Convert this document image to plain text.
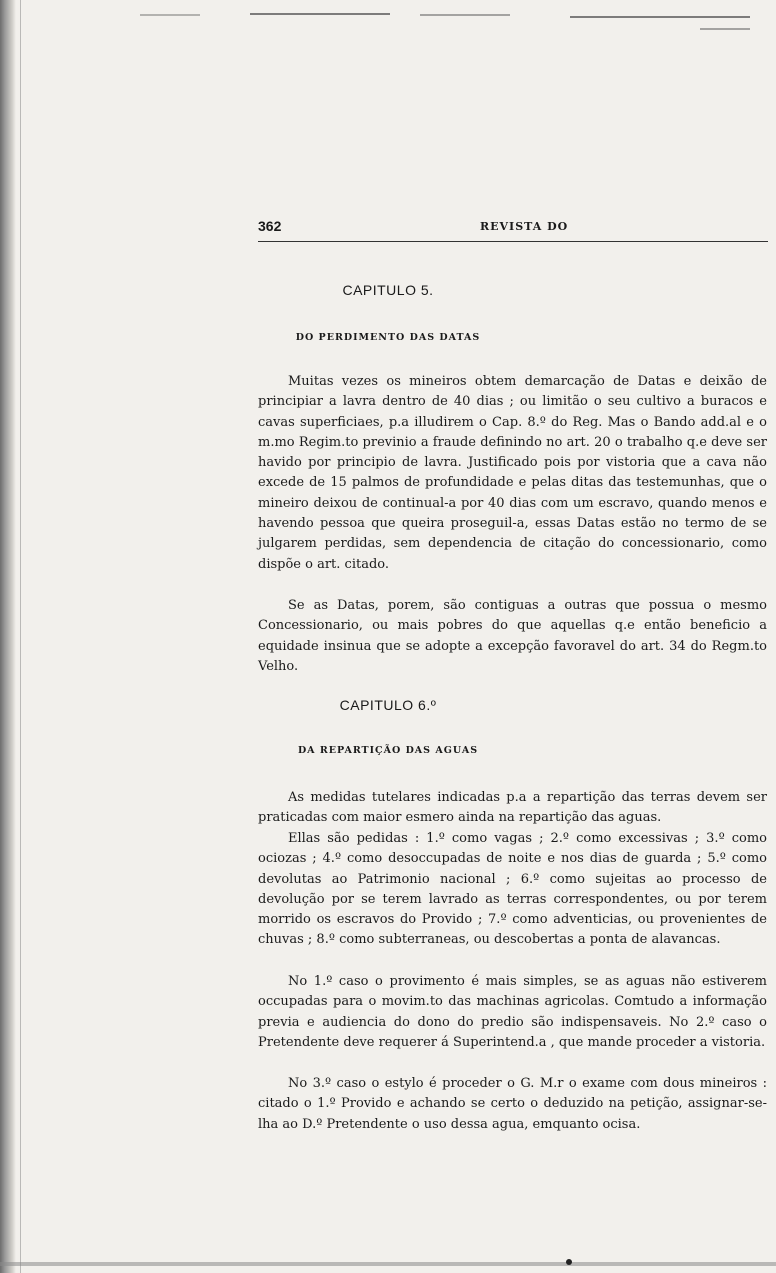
362	REVISTA DO
CAPITULO 5.
DO PERDIMENTO DAS DATAS

Muitas vezes os mineiros obtem demarcação de Datas e deixão de principiar a lavra dentro de 40 dias ; ou limitão o seu cultivo a buracos e cavas superficiaes, p.a illudirem o Cap. 8.º do Reg. Mas o Bando add.al e o m.mo Regim.to previnio a fraude definindo no art. 20 o trabalho q.e deve ser havido por principio de lavra. Justificado pois por vistoria que a cava não excede de 15 palmos de profundidade e pelas ditas das testemunhas, que o mineiro deixou de continual-a por 40 dias com um escravo, quando menos e havendo pessoa que queira proseguil-a, essas Datas estão no termo de se julgarem perdidas, sem dependencia de citação do concessionario, como dispõe o art. citado.

Se as Datas, porem, são contiguas a outras que possua o mesmo Concessionario, ou mais pobres do que aquellas q.e então beneficio a equidade insinua que se adopte a excepção favoravel do art. 34 do Regm.to Velho.

CAPITULO 6.º
DA REPARTIÇÃO DAS AGUAS

As medidas tutelares indicadas p.a a repartição das terras devem ser praticadas com maior esmero ainda na repartição das aguas.

Ellas são pedidas : 1.º como vagas ; 2.º como excessivas ; 3.º como ociozas ; 4.º como desoccupadas de noite e nos dias de guarda ; 5.º como devolutas ao Patrimonio nacional ; 6.º como sujeitas ao processo de devolução por se terem lavrado as terras correspondentes, ou por terem morrido os escravos do Provido ; 7.º como adventicias, ou provenientes de chuvas ; 8.º como subterraneas, ou descobertas a ponta de alavancas.

No 1.º caso o provimento é mais simples, se as aguas não estiverem occupadas para o movim.to das machinas agricolas. Comtudo a informação previa e audiencia do dono do predio são indispensaveis. No 2.º caso o Pretendente deve requerer á Superintend.a , que mande proceder a vistoria.

No 3.º caso o estylo é proceder o G. M.r o exame com dous mineiros : citado o 1.º Provido e achando se certo o deduzido na petição, assignar-se-lha ao D.º Pretendente o uso dessa agua, emquanto ocisa.
